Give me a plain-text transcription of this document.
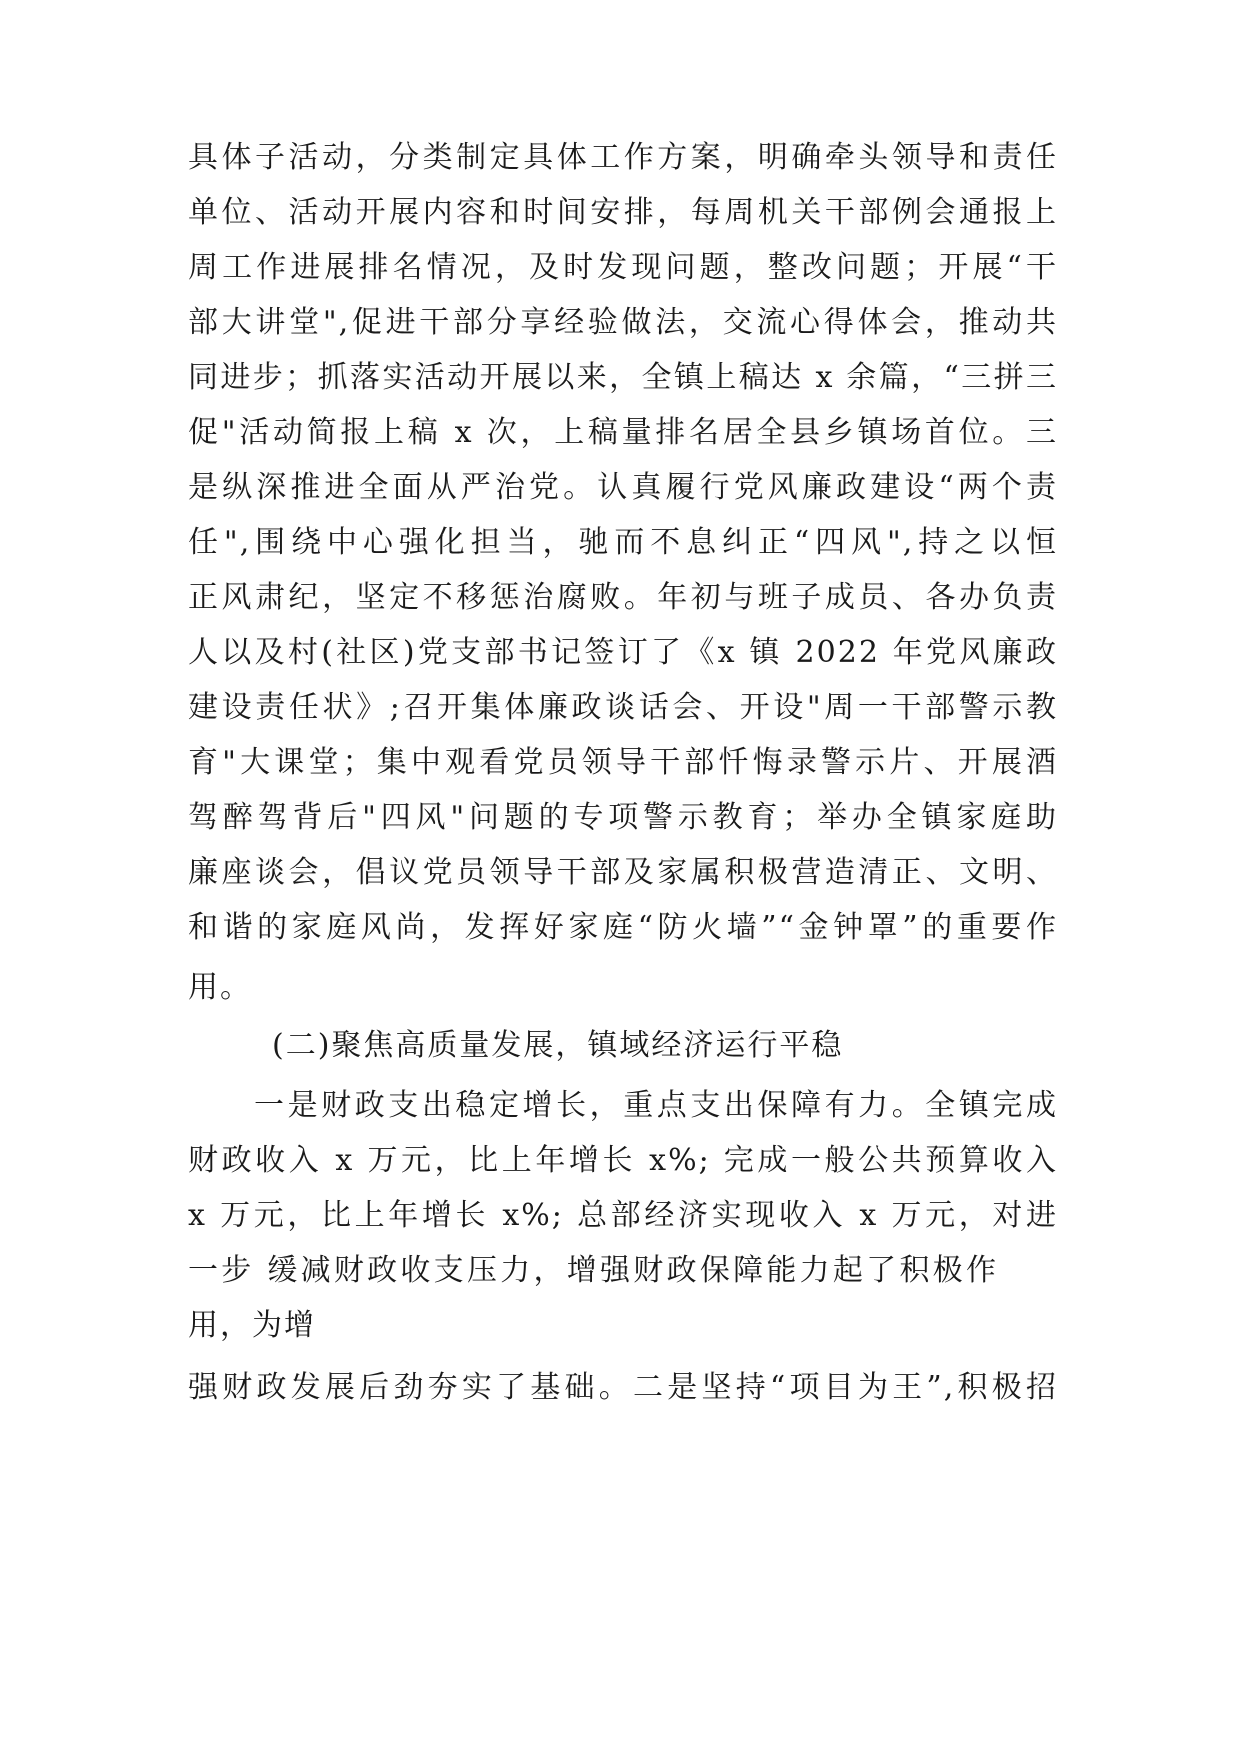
具体子活动，分类制定具体工作方案，明确牵头领导和责任
单位、活动开展内容和时间安排，每周机关干部例会通报上
周工作进展排名情况，及时发现问题，整改问题；开展“干
部大讲堂",促进干部分享经验做法，交流心得体会，推动共
同进步；抓落实活动开展以来，全镇上稿达 x 余篇，“三拼三
促"活动简报上稿 x 次，上稿量排名居全县乡镇场首位。三
是纵深推进全面从严治党。认真履行党风廉政建设“两个责
任",围绕中心强化担当，驰而不息纠正“四风",持之以恒
正风肃纪，坚定不移惩治腐败。年初与班子成员、各办负责
人以及村(社区)党支部书记签订了《x 镇 2022 年党风廉政
建设责任状》;召开集体廉政谈话会、开设"周一干部警示教
育"大课堂；集中观看党员领导干部忏悔录警示片、开展酒
驾醉驾背后"四风"问题的专项警示教育；举办全镇家庭助
廉座谈会，倡议党员领导干部及家属积极营造清正、文明、
和谐的家庭风尚，发挥好家庭“防火墙”“金钟罩”的重要作
用。
(二)聚焦高质量发展，镇域经济运行平稳
一是财政支出稳定增长，重点支出保障有力。全镇完成
财政收入 x 万元，比上年增长 x%; 完成一般公共预算收入
x 万元，比上年增长 x%; 总部经济实现收入 x 万元，对进
一步 缓减财政收支压力，增强财政保障能力起了积极作
用，为增
强财政发展后劲夯实了基础。二是坚持“项目为王”,积极招
